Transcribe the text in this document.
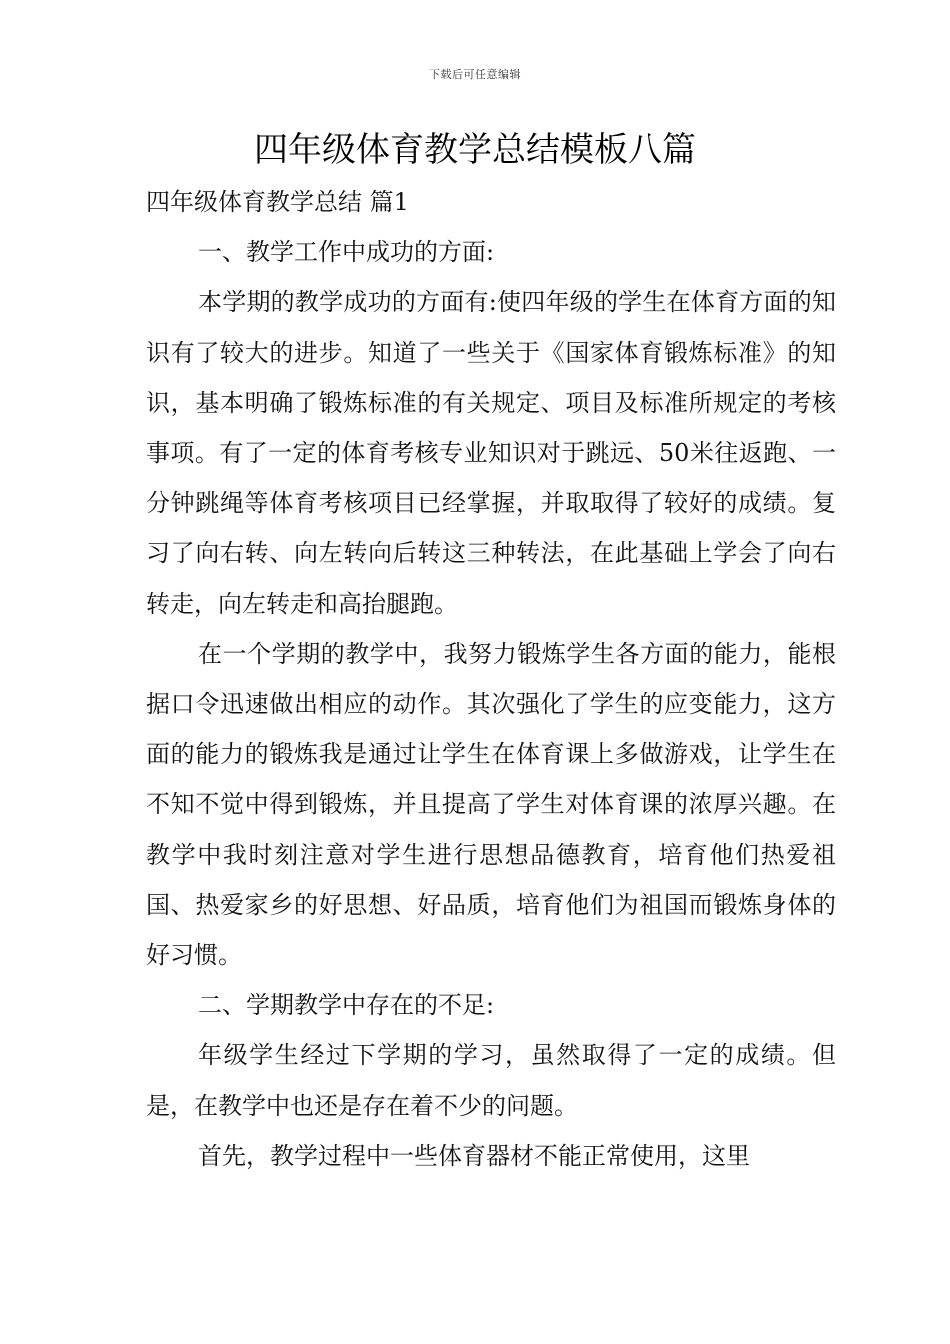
下载后可任意编辑
四年级体育教学总结模板八篇

四年级体育教学总结 篇1

一、教学工作中成功的方面:

本学期的教学成功的方面有:使四年级的学生在体育方面的知识有了较大的进步。知道了一些关于《国家体育锻炼标准》的知识，基本明确了锻炼标准的有关规定、项目及标准所规定的考核事项。有了一定的体育考核专业知识对于跳远、50米往返跑、一分钟跳绳等体育考核项目已经掌握，并取取得了较好的成绩。复习了向右转、向左转向后转这三种转法，在此基础上学会了向右转走，向左转走和高抬腿跑。

在一个学期的教学中，我努力锻炼学生各方面的能力，能根据口令迅速做出相应的动作。其次强化了学生的应变能力，这方面的能力的锻炼我是通过让学生在体育课上多做游戏，让学生在不知不觉中得到锻炼，并且提高了学生对体育课的浓厚兴趣。在教学中我时刻注意对学生进行思想品德教育，培育他们热爱祖国、热爱家乡的好思想、好品质，培育他们为祖国而锻炼身体的好习惯。

二、学期教学中存在的不足:

年级学生经过下学期的学习，虽然取得了一定的成绩。但是，在教学中也还是存在着不少的问题。

首先，教学过程中一些体育器材不能正常使用，这里
